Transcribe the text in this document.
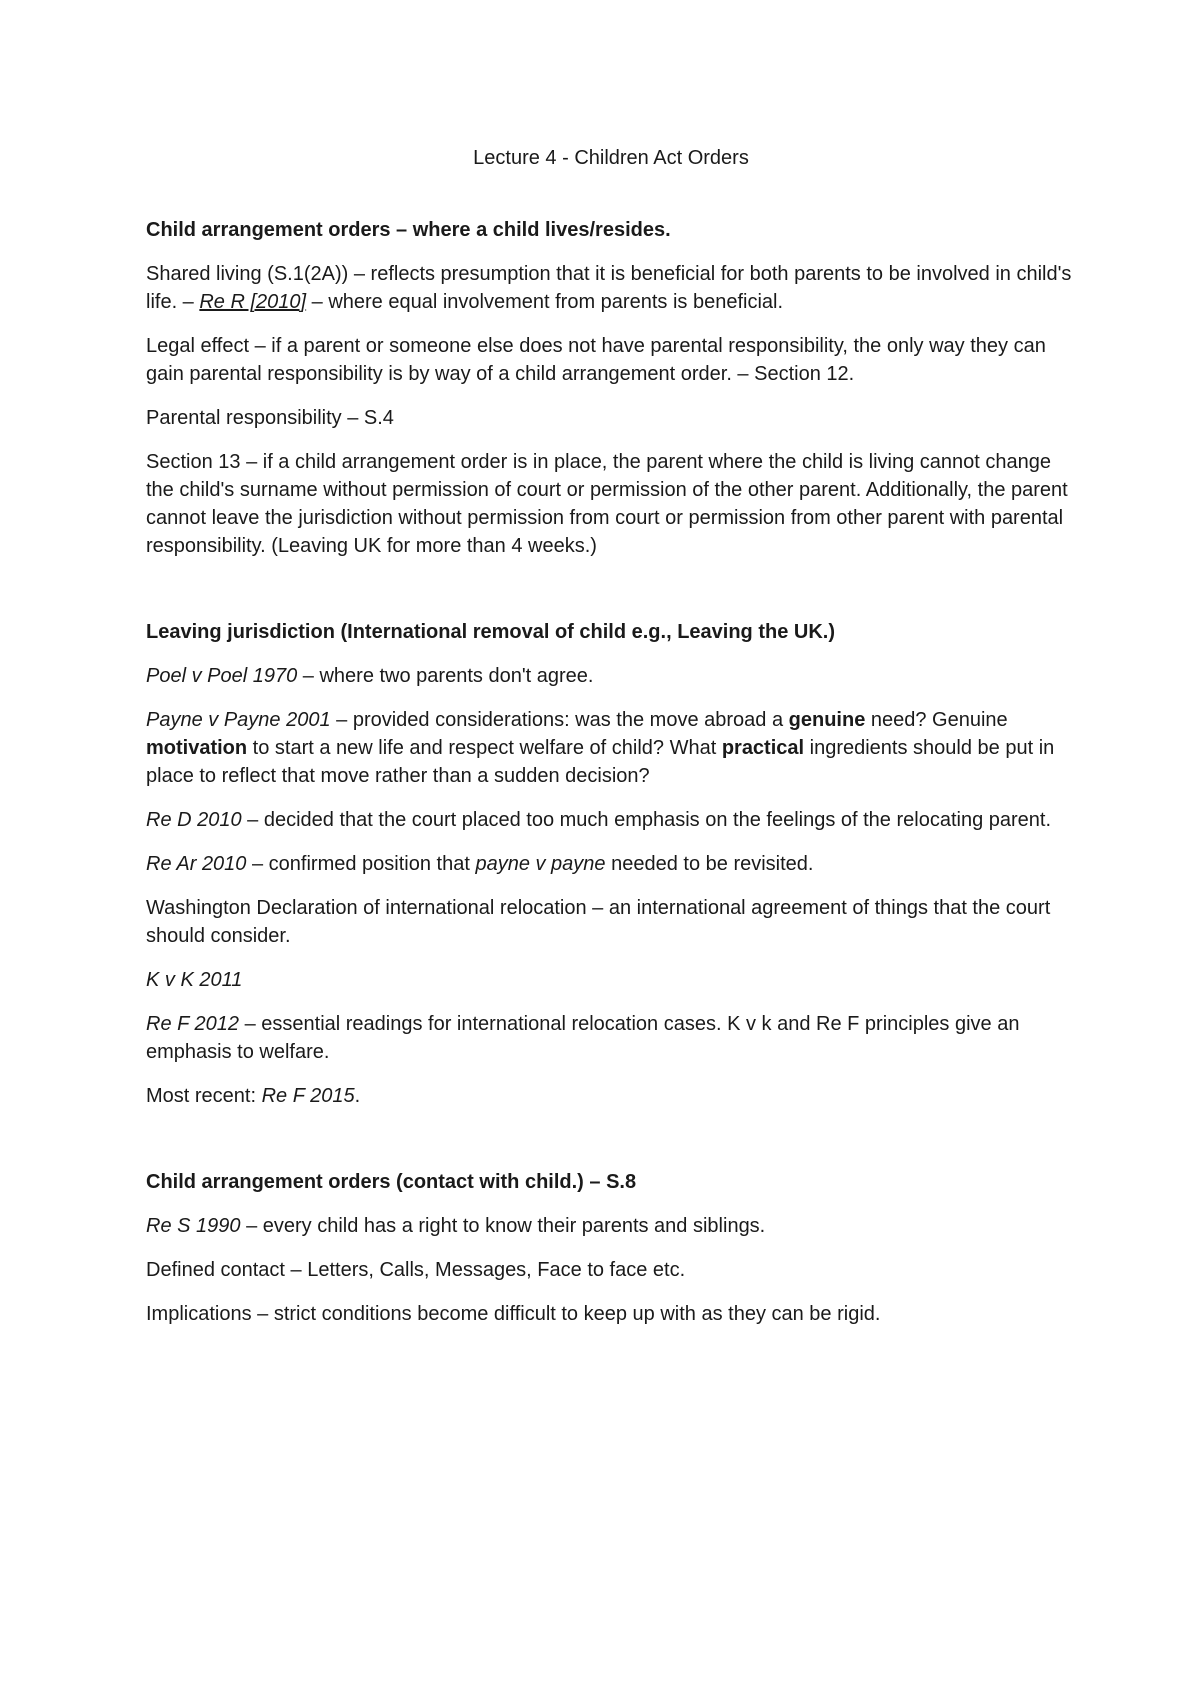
Lecture 4 - Children Act Orders
Child arrangement orders – where a child lives/resides.
Shared living (S.1(2A)) – reflects presumption that it is beneficial for both parents to be involved in child's life. – Re R [2010] – where equal involvement from parents is beneficial.
Legal effect – if a parent or someone else does not have parental responsibility, the only way they can gain parental responsibility is by way of a child arrangement order. – Section 12.
Parental responsibility – S.4
Section 13 – if a child arrangement order is in place, the parent where the child is living cannot change the child's surname without permission of court or permission of the other parent. Additionally, the parent cannot leave the jurisdiction without permission from court or permission from other parent with parental responsibility. (Leaving UK for more than 4 weeks.)
Leaving jurisdiction (International removal of child e.g., Leaving the UK.)
Poel v Poel 1970 – where two parents don't agree.
Payne v Payne 2001 – provided considerations: was the move abroad a genuine need? Genuine motivation to start a new life and respect welfare of child? What practical ingredients should be put in place to reflect that move rather than a sudden decision?
Re D 2010 – decided that the court placed too much emphasis on the feelings of the relocating parent.
Re Ar 2010 – confirmed position that payne v payne needed to be revisited.
Washington Declaration of international relocation – an international agreement of things that the court should consider.
K v K 2011
Re F 2012 – essential readings for international relocation cases. K v k and Re F principles give an emphasis to welfare.
Most recent: Re F 2015.
Child arrangement orders (contact with child.) – S.8
Re S 1990 – every child has a right to know their parents and siblings.
Defined contact – Letters, Calls, Messages, Face to face etc.
Implications – strict conditions become difficult to keep up with as they can be rigid.
